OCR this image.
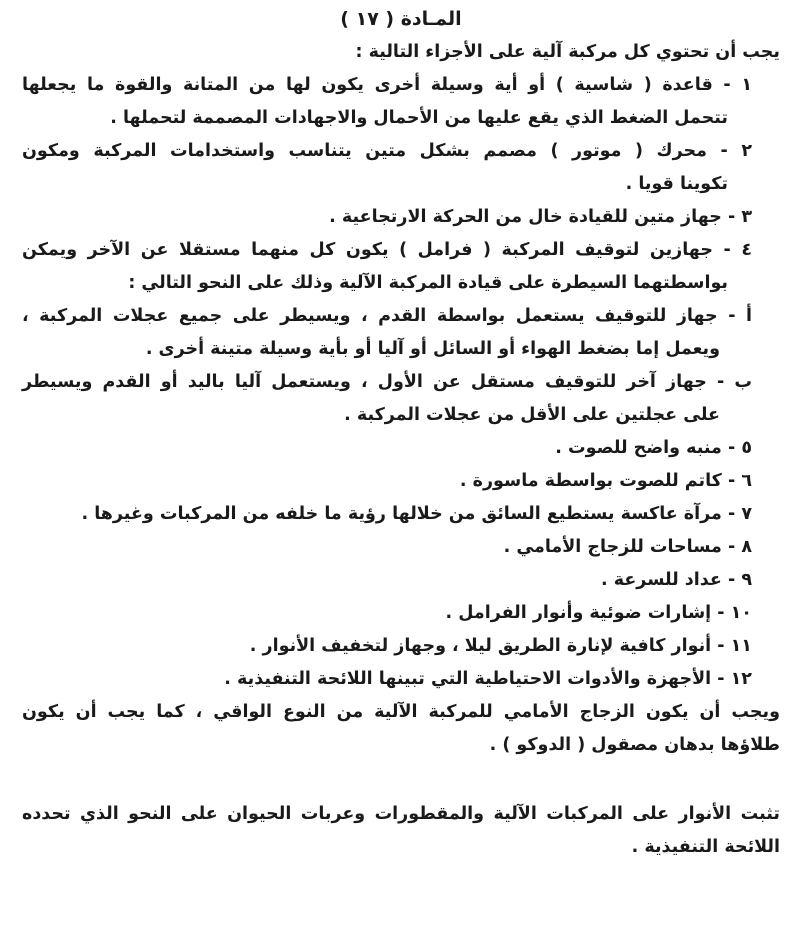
المـادة ( ١٧ )

يجب أن تحتوي كل مركبة آلية على الأجزاء التالية :

١ - قاعدة ( شاسية ) أو أية وسيلة أخرى يكون لها من المتانة والقوة ما يجعلها

تتحمل الضغط الذي يقع عليها من الأحمال والاجهادات المصممة لتحملها .

٢ - محرك ( موتور ) مصمم بشكل متين يتناسب واستخدامات المركبة ومكون

تكوينا قويا .

٣ - جهاز متين للقيادة خال من الحركة الارتجاعية .

٤ - جهازين لتوقيف المركبة ( فرامل ) يكون كل منهما مستقلا عن الآخر ويمكن

بواسطتهما السيطرة على قيادة المركبة الآلية وذلك على النحو التالي :

أ - جهاز للتوقيف يستعمل بواسطة القدم ، ويسيطر على جميع عجلات المركبة ،

ويعمل إما بضغط الهواء أو السائل أو آليا أو بأية وسيلة متينة أخرى .

ب - جهاز آخر للتوقيف مستقل عن الأول ، ويستعمل آليا باليد أو القدم ويسيطر

على عجلتين على الأقل من عجلات المركبة .

٥ - منبه واضح للصوت .

٦ - كاتم للصوت بواسطة ماسورة .

٧ - مرآة عاكسة يستطيع السائق من خلالها رؤية ما خلفه من المركبات وغيرها .

٨ - مساحات للزجاج الأمامي .

٩ - عداد للسرعة .

١٠ - إشارات ضوئية وأنوار الفرامل .

١١ - أنوار كافية لإنارة الطريق ليلا ، وجهاز لتخفيف الأنوار .

١٢ - الأجهزة والأدوات الاحتياطية التي تبينها اللائحة التنفيذية .

ويجب أن يكون الزجاج الأمامي للمركبة الآلية من النوع الواقي ، كما يجب أن يكون

طلاؤها بدهان مصقول ( الدوكو ) .

تثبت الأنوار على المركبات الآلية والمقطورات وعربات الحيوان على النحو الذي تحدده

اللائحة التنفيذية .
